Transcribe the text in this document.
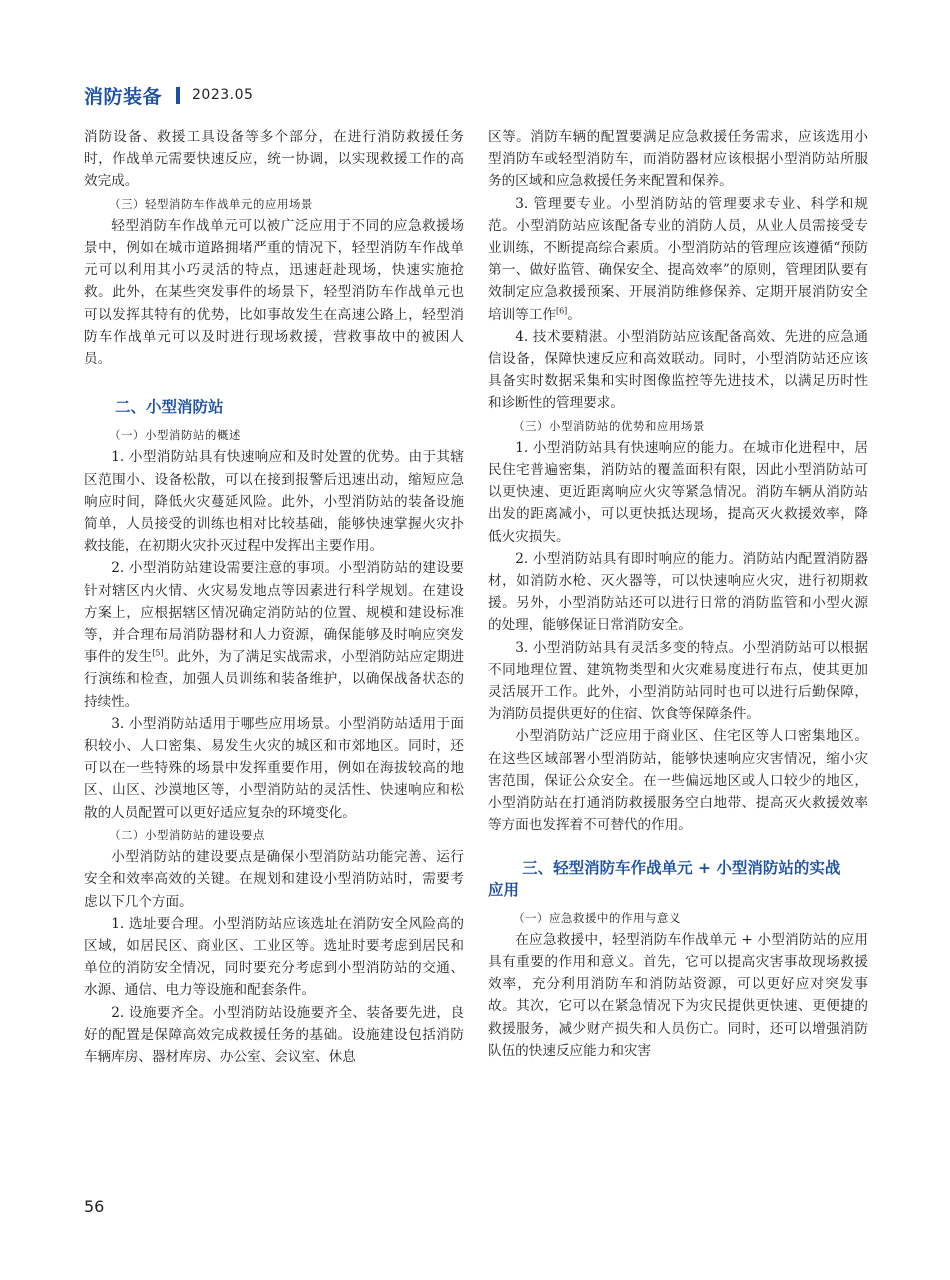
消防装备 2023.05

消防设备、救援工具设备等多个部分，在进行消防救援任务时，作战单元需要快速反应，统一协调，以实现救援工作的高效完成。

（三）轻型消防车作战单元的应用场景

轻型消防车作战单元可以被广泛应用于不同的应急救援场景中，例如在城市道路拥堵严重的情况下，轻型消防车作战单元可以利用其小巧灵活的特点，迅速赶赴现场，快速实施抢救。此外，在某些突发事件的场景下，轻型消防车作战单元也可以发挥其特有的优势，比如事故发生在高速公路上，轻型消防车作战单元可以及时进行现场救援，营救事故中的被困人员。

二、小型消防站
（一）小型消防站的概述

1. 小型消防站具有快速响应和及时处置的优势。由于其辖区范围小、设备松散，可以在接到报警后迅速出动，缩短应急响应时间，降低火灾蔓延风险。此外，小型消防站的装备设施简单，人员接受的训练也相对比较基础，能够快速掌握火灾扑救技能，在初期火灾扑灭过程中发挥出主要作用。

2. 小型消防站建设需要注意的事项。小型消防站的建设要针对辖区内火情、火灾易发地点等因素进行科学规划。在建设方案上，应根据辖区情况确定消防站的位置、规模和建设标准等，并合理布局消防器材和人力资源，确保能够及时响应突发事件的发生[5]。此外，为了满足实战需求，小型消防站应定期进行演练和检查，加强人员训练和装备维护，以确保战备状态的持续性。

3. 小型消防站适用于哪些应用场景。小型消防站适用于面积较小、人口密集、易发生火灾的城区和市郊地区。同时，还可以在一些特殊的场景中发挥重要作用，例如在海拔较高的地区、山区、沙漠地区等，小型消防站的灵活性、快速响应和松散的人员配置可以更好适应复杂的环境变化。

（二）小型消防站的建设要点

小型消防站的建设要点是确保小型消防站功能完善、运行安全和效率高效的关键。在规划和建设小型消防站时，需要考虑以下几个方面。

1. 选址要合理。小型消防站应该选址在消防安全风险高的区域，如居民区、商业区、工业区等。选址时要考虑到居民和单位的消防安全情况，同时要充分考虑到小型消防站的交通、水源、通信、电力等设施和配套条件。

2. 设施要齐全。小型消防站设施要齐全、装备要先进，良好的配置是保障高效完成救援任务的基础。设施建设包括消防车辆库房、器材库房、办公室、会议室、休息

区等。消防车辆的配置要满足应急救援任务需求，应该选用小型消防车或轻型消防车，而消防器材应该根据小型消防站所服务的区域和应急救援任务来配置和保养。

3. 管理要专业。小型消防站的管理要求专业、科学和规范。小型消防站应该配备专业的消防人员，从业人员需接受专业训练，不断提高综合素质。小型消防站的管理应该遵循“预防第一、做好监管、确保安全、提高效率”的原则，管理团队要有效制定应急救援预案、开展消防维修保养、定期开展消防安全培训等工作[6]。

4. 技术要精湛。小型消防站应该配备高效、先进的应急通信设备，保障快速反应和高效联动。同时，小型消防站还应该具备实时数据采集和实时图像监控等先进技术，以满足历时性和诊断性的管理要求。

（三）小型消防站的优势和应用场景

1. 小型消防站具有快速响应的能力。在城市化进程中，居民住宅普遍密集，消防站的覆盖面积有限，因此小型消防站可以更快速、更近距离响应火灾等紧急情况。消防车辆从消防站出发的距离减小，可以更快抵达现场，提高灭火救援效率，降低火灾损失。

2. 小型消防站具有即时响应的能力。消防站内配置消防器材，如消防水枪、灭火器等，可以快速响应火灾，进行初期救援。另外，小型消防站还可以进行日常的消防监管和小型火源的处理，能够保证日常消防安全。

3. 小型消防站具有灵活多变的特点。小型消防站可以根据不同地理位置、建筑物类型和火灾难易度进行布点，使其更加灵活展开工作。此外，小型消防站同时也可以进行后勤保障，为消防员提供更好的住宿、饮食等保障条件。

小型消防站广泛应用于商业区、住宅区等人口密集地区。在这些区域部署小型消防站，能够快速响应灾害情况，缩小灾害范围，保证公众安全。在一些偏远地区或人口较少的地区，小型消防站在打通消防救援服务空白地带、提高灭火救援效率等方面也发挥着不可替代的作用。

三、轻型消防车作战单元 + 小型消防站的实战
应用
（一）应急救援中的作用与意义

在应急救援中，轻型消防车作战单元 + 小型消防站的应用具有重要的作用和意义。首先，它可以提高灾害事故现场救援效率，充分利用消防车和消防站资源，可以更好应对突发事故。其次，它可以在紧急情况下为灾民提供更快速、更便捷的救援服务，减少财产损失和人员伤亡。同时，还可以增强消防队伍的快速反应能力和灾害

56
